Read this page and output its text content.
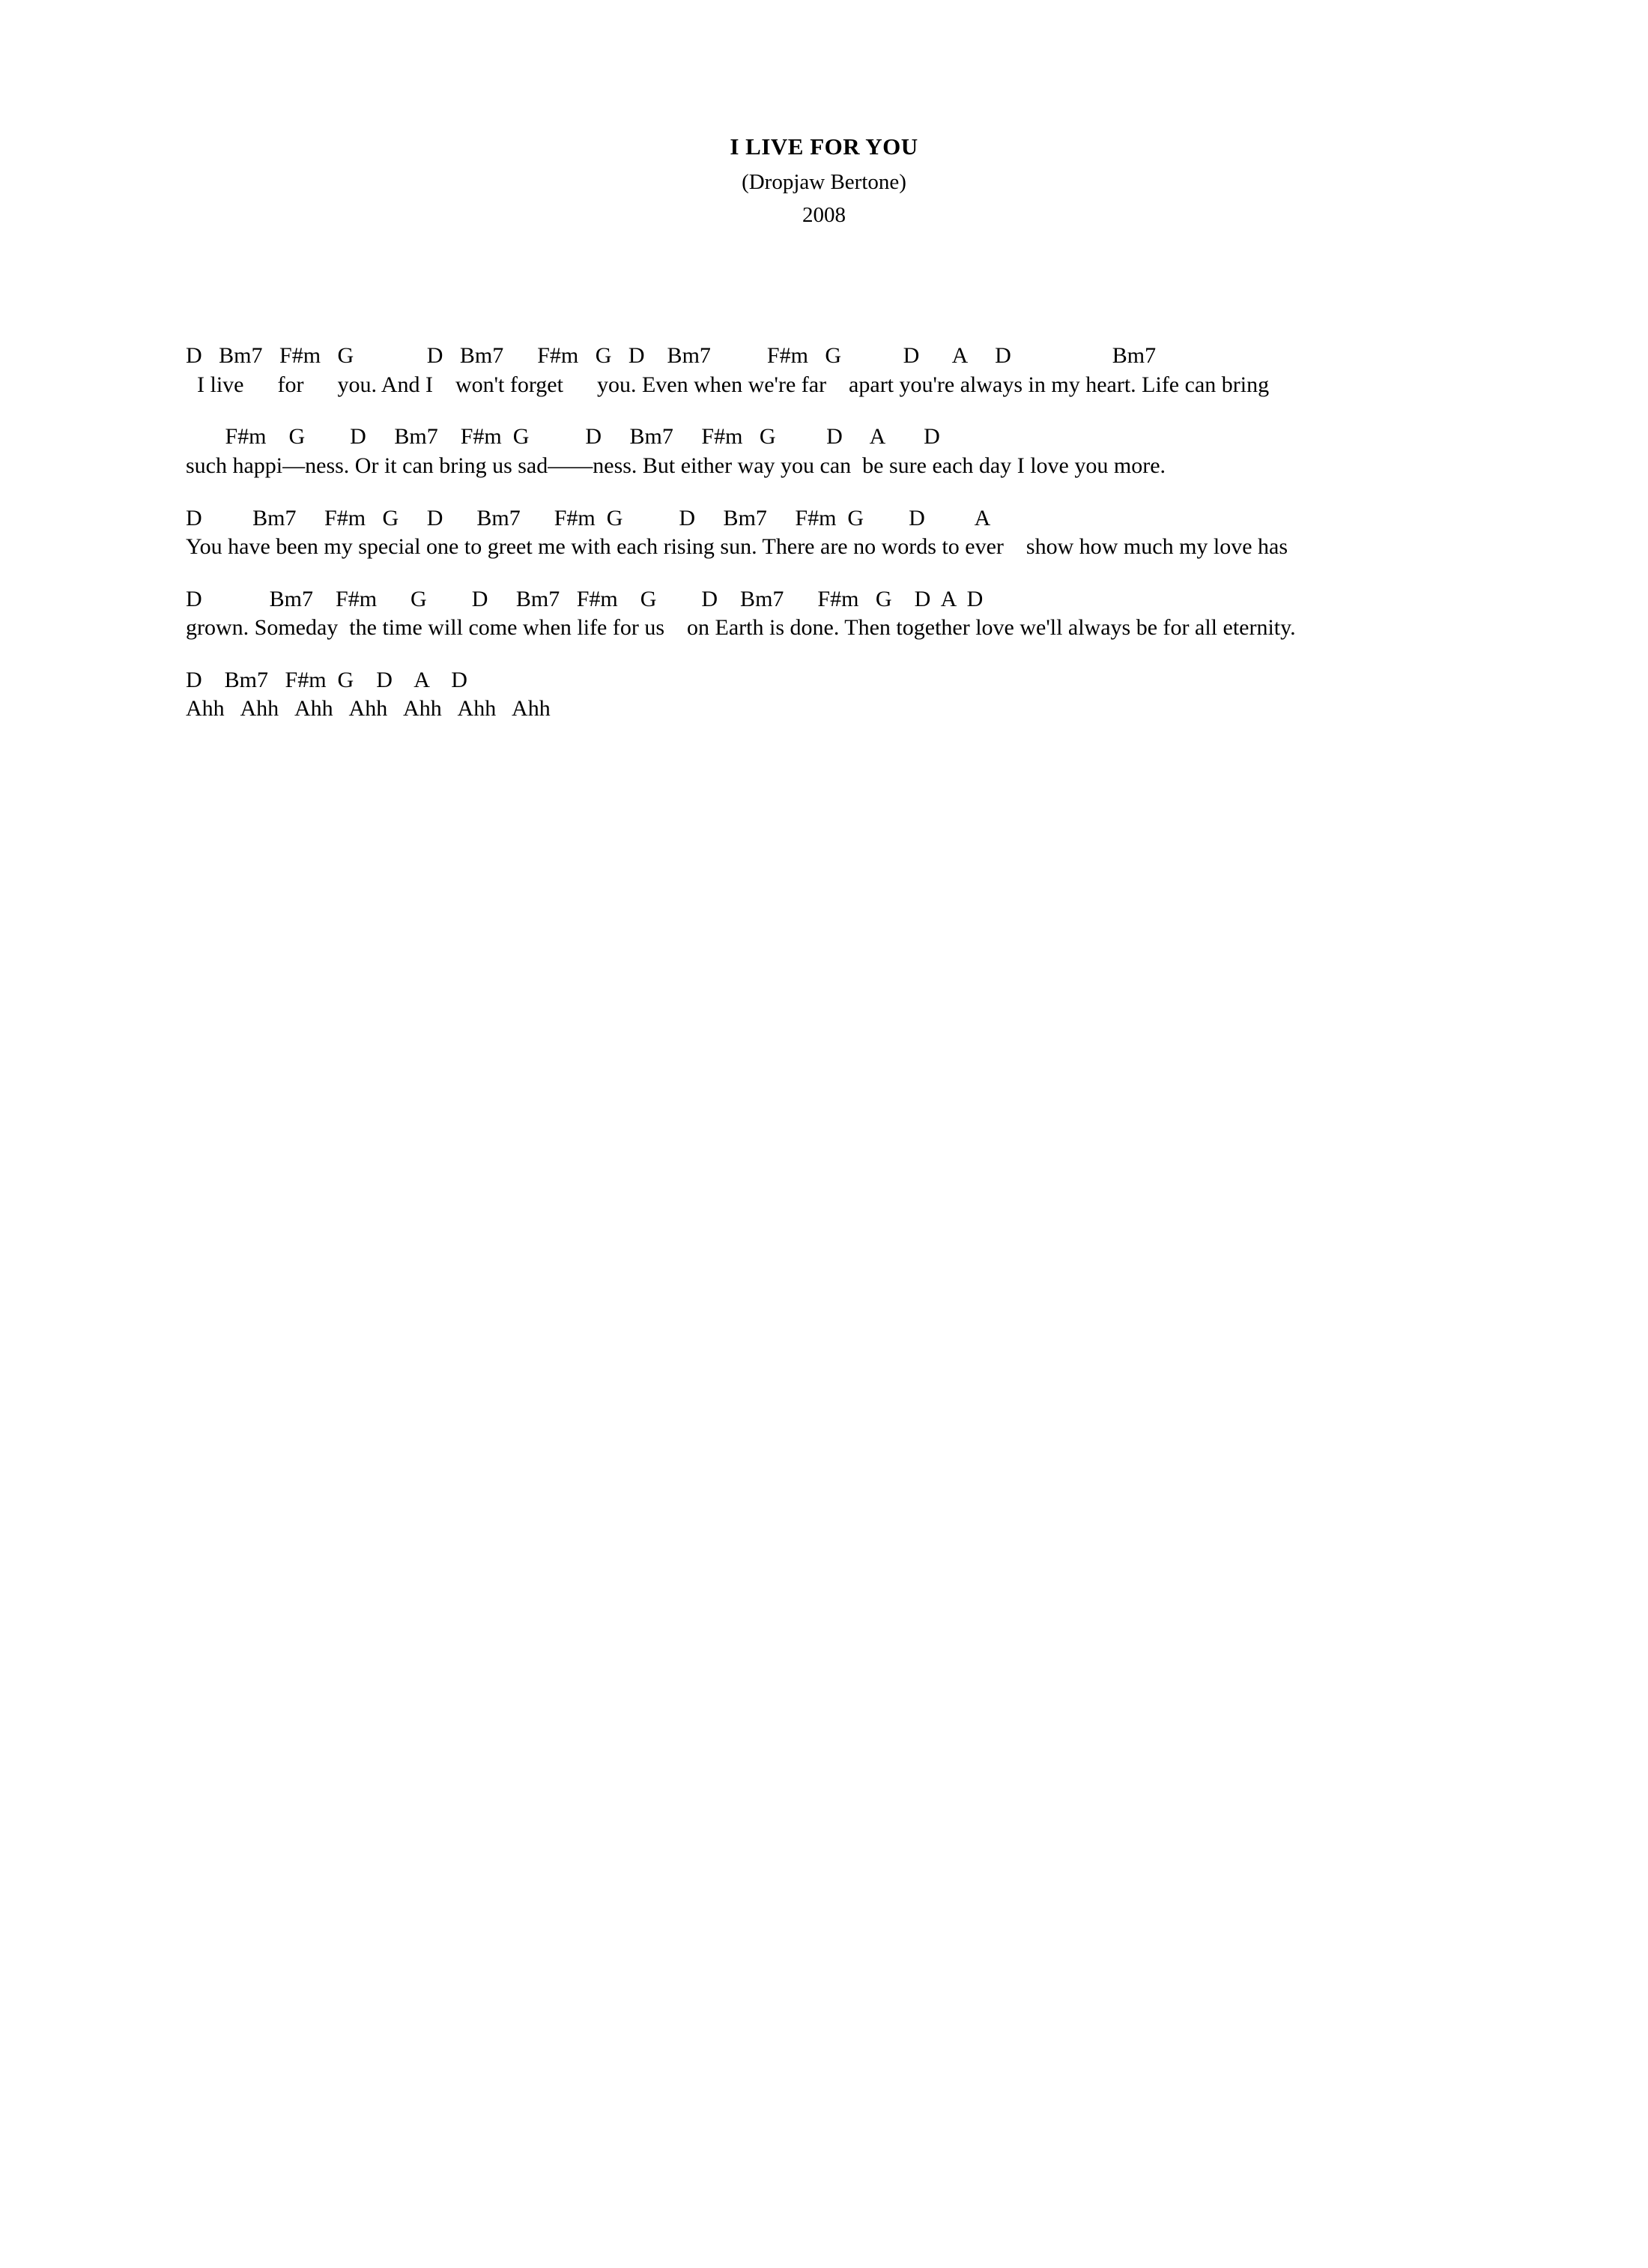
I LIVE FOR YOU
(Dropjaw Bertone)
2008
D   Bm7   F#m   G             D   Bm7      F#m   G   D    Bm7          F#m   G           D      A     D                  Bm7
I live      for      you. And I    won't forget      you. Even when we're far    apart you're always in my heart. Life can bring
F#m    G        D     Bm7    F#m  G          D     Bm7     F#m   G         D     A       D
such happi—ness. Or it can bring us sad——ness. But either way you can  be sure each day I love you more.
D         Bm7     F#m   G     D      Bm7      F#m  G          D     Bm7     F#m  G        D         A
You have been my special one to greet me with each rising sun. There are no words to ever    show how much my love has
D            Bm7    F#m      G        D     Bm7   F#m    G        D    Bm7      F#m   G    D  A  D
grown. Someday  the time will come when life for us    on Earth is done. Then together love we'll always be for all eternity.
D    Bm7   F#m  G    D    A    D
Ahh   Ahh   Ahh   Ahh   Ahh   Ahh   Ahh
